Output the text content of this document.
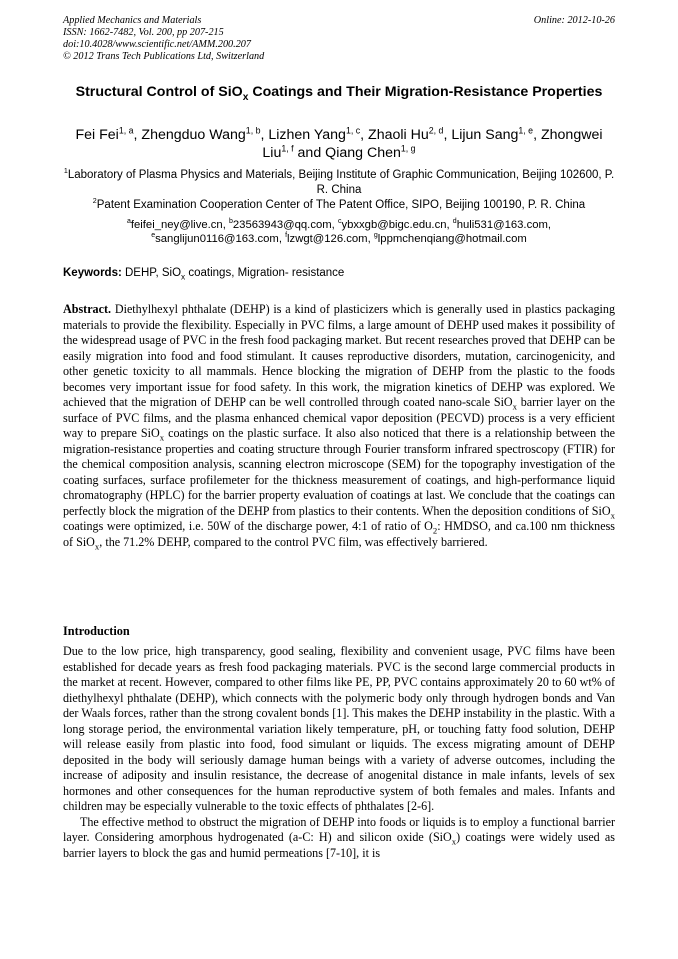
Applied Mechanics and Materials
ISSN: 1662-7482, Vol. 200, pp 207-215
doi:10.4028/www.scientific.net/AMM.200.207
© 2012 Trans Tech Publications Ltd, Switzerland
Online: 2012-10-26
Structural Control of SiO$_x$ Coatings and Their Migration-Resistance Properties
Fei Fei$^{1, a}$, Zhengduo Wang$^{1, b}$, Lizhen Yang$^{1, c}$, Zhaoli Hu$^{2, d}$, Lijun Sang$^{1, e}$, Zhongwei Liu$^{1, f}$ and Qiang Chen$^{1, g}$
$^1$Laboratory of Plasma Physics and Materials, Beijing Institute of Graphic Communication, Beijing 102600, P. R. China
$^2$Patent Examination Cooperation Center of The Patent Office, SIPO, Beijing 100190, P. R. China
$^a$feifei_ney@live.cn, $^b$23563943@qq.com, $^c$ybxxgb@bigc.edu.cn, $^d$huli531@163.com,
$^e$sanglijun0116@163.com, $^f$lzwgt@126.com, $^g$lppmchenqiang@hotmail.com
Keywords: DEHP, SiO$_x$ coatings, Migration- resistance
Abstract. Diethylhexyl phthalate (DEHP) is a kind of plasticizers which is generally used in plastics packaging materials to provide the flexibility. Especially in PVC films, a large amount of DEHP used makes it possibility of the widespread usage of PVC in the fresh food packaging market. But recent researches proved that DEHP can be easily migration into food and food stimulant. It causes reproductive disorders, mutation, carcinogenicity, and other genetic toxicity to all mammals. Hence blocking the migration of DEHP from the plastic to the foods becomes very important issue for food safety. In this work, the migration kinetics of DEHP was explored. We achieved that the migration of DEHP can be well controlled through coated nano-scale SiO$_x$ barrier layer on the surface of PVC films, and the plasma enhanced chemical vapor deposition (PECVD) process is a very efficient way to prepare SiO$_x$ coatings on the plastic surface. It also also noticed that there is a relationship between the migration-resistance properties and coating structure through Fourier transform infrared spectroscopy (FTIR) for the chemical composition analysis, scanning electron microscope (SEM) for the topography investigation of the coating surfaces, surface profilemeter for the thickness measurement of coatings, and high-performance liquid chromatography (HPLC) for the barrier property evaluation of coatings at last. We conclude that the coatings can perfectly block the migration of the DEHP from plastics to their contents. When the deposition conditions of SiO$_x$ coatings were optimized, i.e. 50W of the discharge power, 4:1 of ratio of $O_2$: HMDSO, and ca.100 nm thickness of SiO$_x$, the 71.2% DEHP, compared to the control PVC film, was effectively barriered.
Introduction

Due to the low price, high transparency, good sealing, flexibility and convenient usage, PVC films have been established for decade years as fresh food packaging materials. PVC is the second large commercial products in the market at recent. However, compared to other films like PE, PP, PVC contains approximately 20 to 60 wt% of diethylhexyl phthalate (DEHP), which connects with the polymeric body only through hydrogen bonds and Van der Waals forces, rather than the strong covalent bonds [1]. This makes the DEHP instability in the plastic. With a long storage period, the environmental variation likely temperature, pH, or touching fatty food solution, DEHP will release easily from plastic into food, food simulant or liquids. The excess migrating amount of DEHP deposited in the body will seriously damage human beings with a variety of adverse outcomes, including the increase of adiposity and insulin resistance, the decrease of anogenital distance in male infants, levels of sex hormones and other consequences for the human reproductive system of both females and males. Infants and children may be especially vulnerable to the toxic effects of phthalates [2-6].

The effective method to obstruct the migration of DEHP into foods or liquids is to employ a functional barrier layer. Considering amorphous hydrogenated (a-C: H) and silicon oxide (SiO$_x$) coatings were widely used as barrier layers to block the gas and humid permeations [7-10], it is
